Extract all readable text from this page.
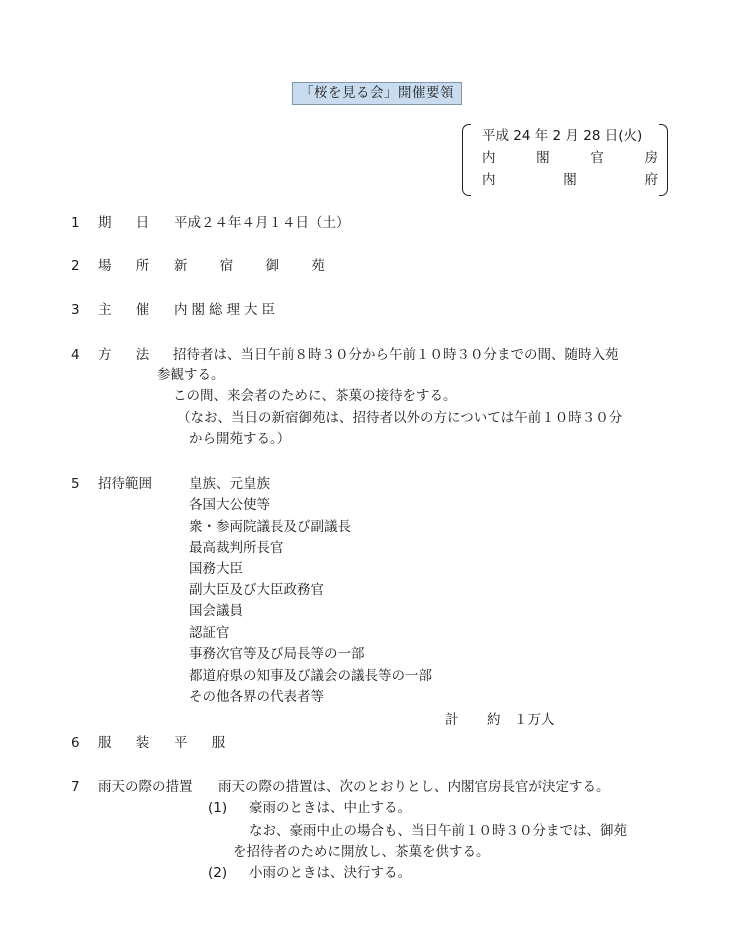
「桜を見る会」開催要領
平成 24 年 2 月 28 日(火)
内	閣	官	房
内	閣	府
1 期 日 平成２４年４月１４日（土）
2 場 所 新 宿 御 苑
3 主 催 内閣総理大臣
4 方 法 招待者は、当日午前８時３０分から午前１０時３０分までの間、随時入苑
参観する。
この間、来会者のために、茶菓の接待をする。
（なお、当日の新宿御苑は、招待者以外の方については午前１０時３０分
から開苑する。）
5 招待範囲	皇族、元皇族
各国大公使等
衆・参両院議長及び副議長
最高裁判所長官
国務大臣
副大臣及び大臣政務官
国会議員
認証官
事務次官等及び局長等の一部
都道府県の知事及び議会の議長等の一部
その他各界の代表者等
計 約　１万人
6 服 装 平 服
7 雨天の際の措置 雨天の際の措置は、次のとおりとし、内閣官房長官が決定する。
(1) 豪雨のときは、中止する。
なお、豪雨中止の場合も、当日午前１０時３０分までは、御苑
を招待者のために開放し、茶菓を供する。
(2) 小雨のときは、決行する。
